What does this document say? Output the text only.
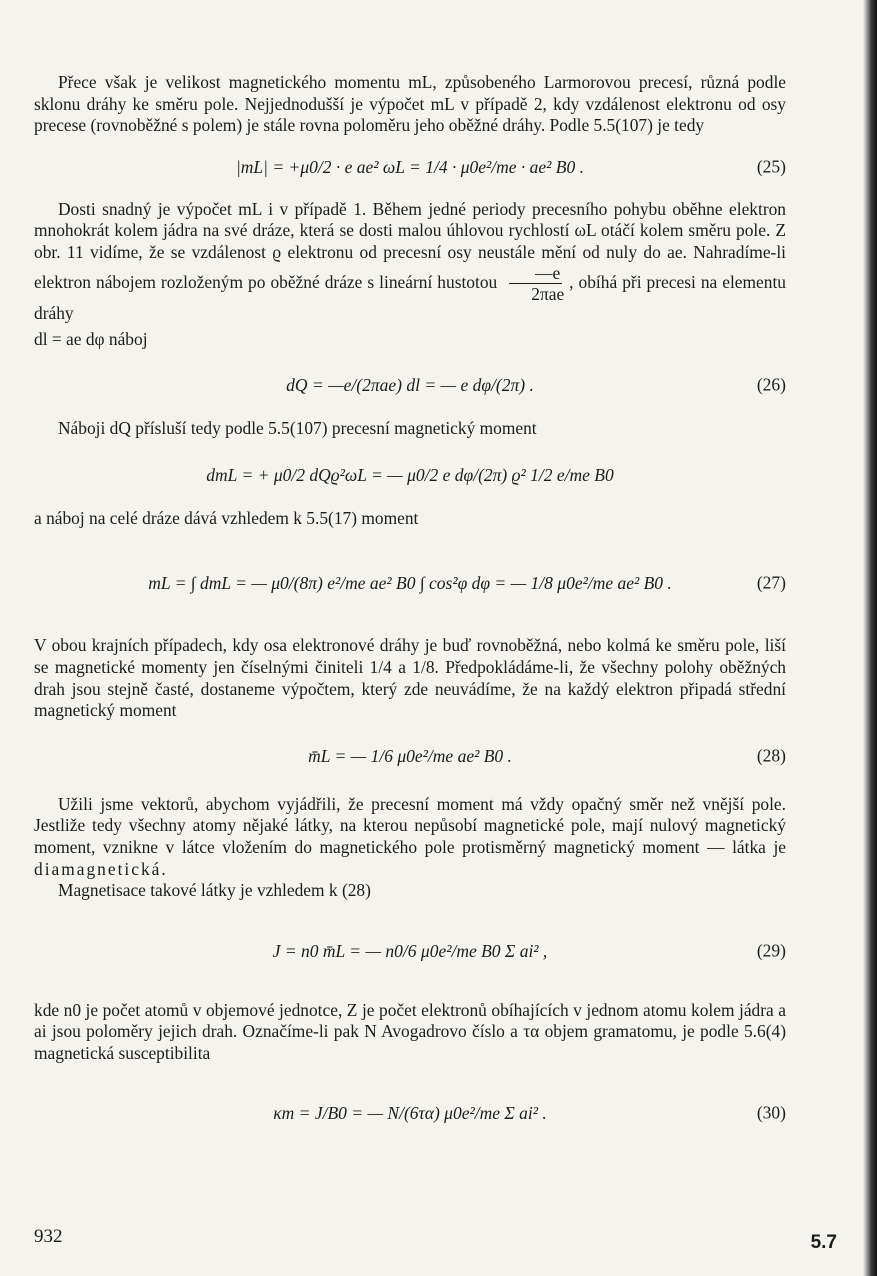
Přece však je velikost magnetického momentu mL, způsobeného Larmorovou precesí, různá podle sklonu dráhy ke směru pole. Nejjednodušší je výpočet mL v případě 2, kdy vzdálenost elektronu od osy precese (rovnoběžné s polem) je stále rovna poloměru jeho oběžné dráhy. Podle 5.5(107) je tedy

|mL| = +μ0/2 · e ae² ωL = 1/4 · μ0e²/me · ae² B0 .	(25)

Dosti snadný je výpočet mL i v případě 1. Během jedné periody precesního pohybu oběhne elektron mnohokrát kolem jádra na své dráze, která se dosti malou úhlovou rychlostí ωL otáčí kolem směru pole. Z obr. 11 vidíme, že se vzdálenost ϱ elektronu od precesní osy neustále mění od nuly do ae. Nahradíme-li elektron nábojem rozloženým po oběžné dráze s lineární hustotou $\frac{—e}{\text{2πae}}$ , obíhá při precesi na elementu dráhy

dl = ae dφ náboj

dQ = —e/(2πae) dl = — e dφ/(2π) .	(26)

Náboji dQ přísluší tedy podle 5.5(107) precesní magnetický moment

dmL = + μ0/2 dQϱ²ωL = — μ0/2 e dφ/(2π) ϱ² 1/2 e/me B0

a náboj na celé dráze dává vzhledem k 5.5(17) moment

mL = ∫ dmL = — μ0/(8π) e²/me ae² B0 ∫ cos²φ dφ = — 1/8 μ0e²/me ae² B0 .	(27)

V obou krajních případech, kdy osa elektronové dráhy je buď rovnoběžná, nebo kolmá ke směru pole, liší se magnetické momenty jen číselnými činiteli 1/4 a 1/8. Předpokládáme-li, že všechny polohy oběžných drah jsou stejně časté, dostaneme výpočtem, který zde neuvádíme, že na každý elektron připadá střední magnetický moment

m̄L = — 1/6 μ0e²/me ae² B0 .	(28)

Užili jsme vektorů, abychom vyjádřili, že precesní moment má vždy opačný směr než vnější pole. Jestliže tedy všechny atomy nějaké látky, na kterou nepůsobí magnetické pole, mají nulový magnetický moment, vznikne v látce vložením do magnetického pole protisměrný magnetický moment — látka je diamagnetická.

Magnetisace takové látky je vzhledem k (28)

J = n0 m̄L = — n0/6 μ0e²/me B0 Σ ai² ,	(29)

kde n0 je počet atomů v objemové jednotce, Z je počet elektronů obíhajících v jednom atomu kolem jádra a ai jsou poloměry jejich drah. Označíme-li pak N Avogadrovo číslo a τα objem gramatomu, je podle 5.6(4) magnetická susceptibilita

κm = J/B0 = — N/(6τα) μ0e²/me Σ ai² .	(30)
932	5.7
